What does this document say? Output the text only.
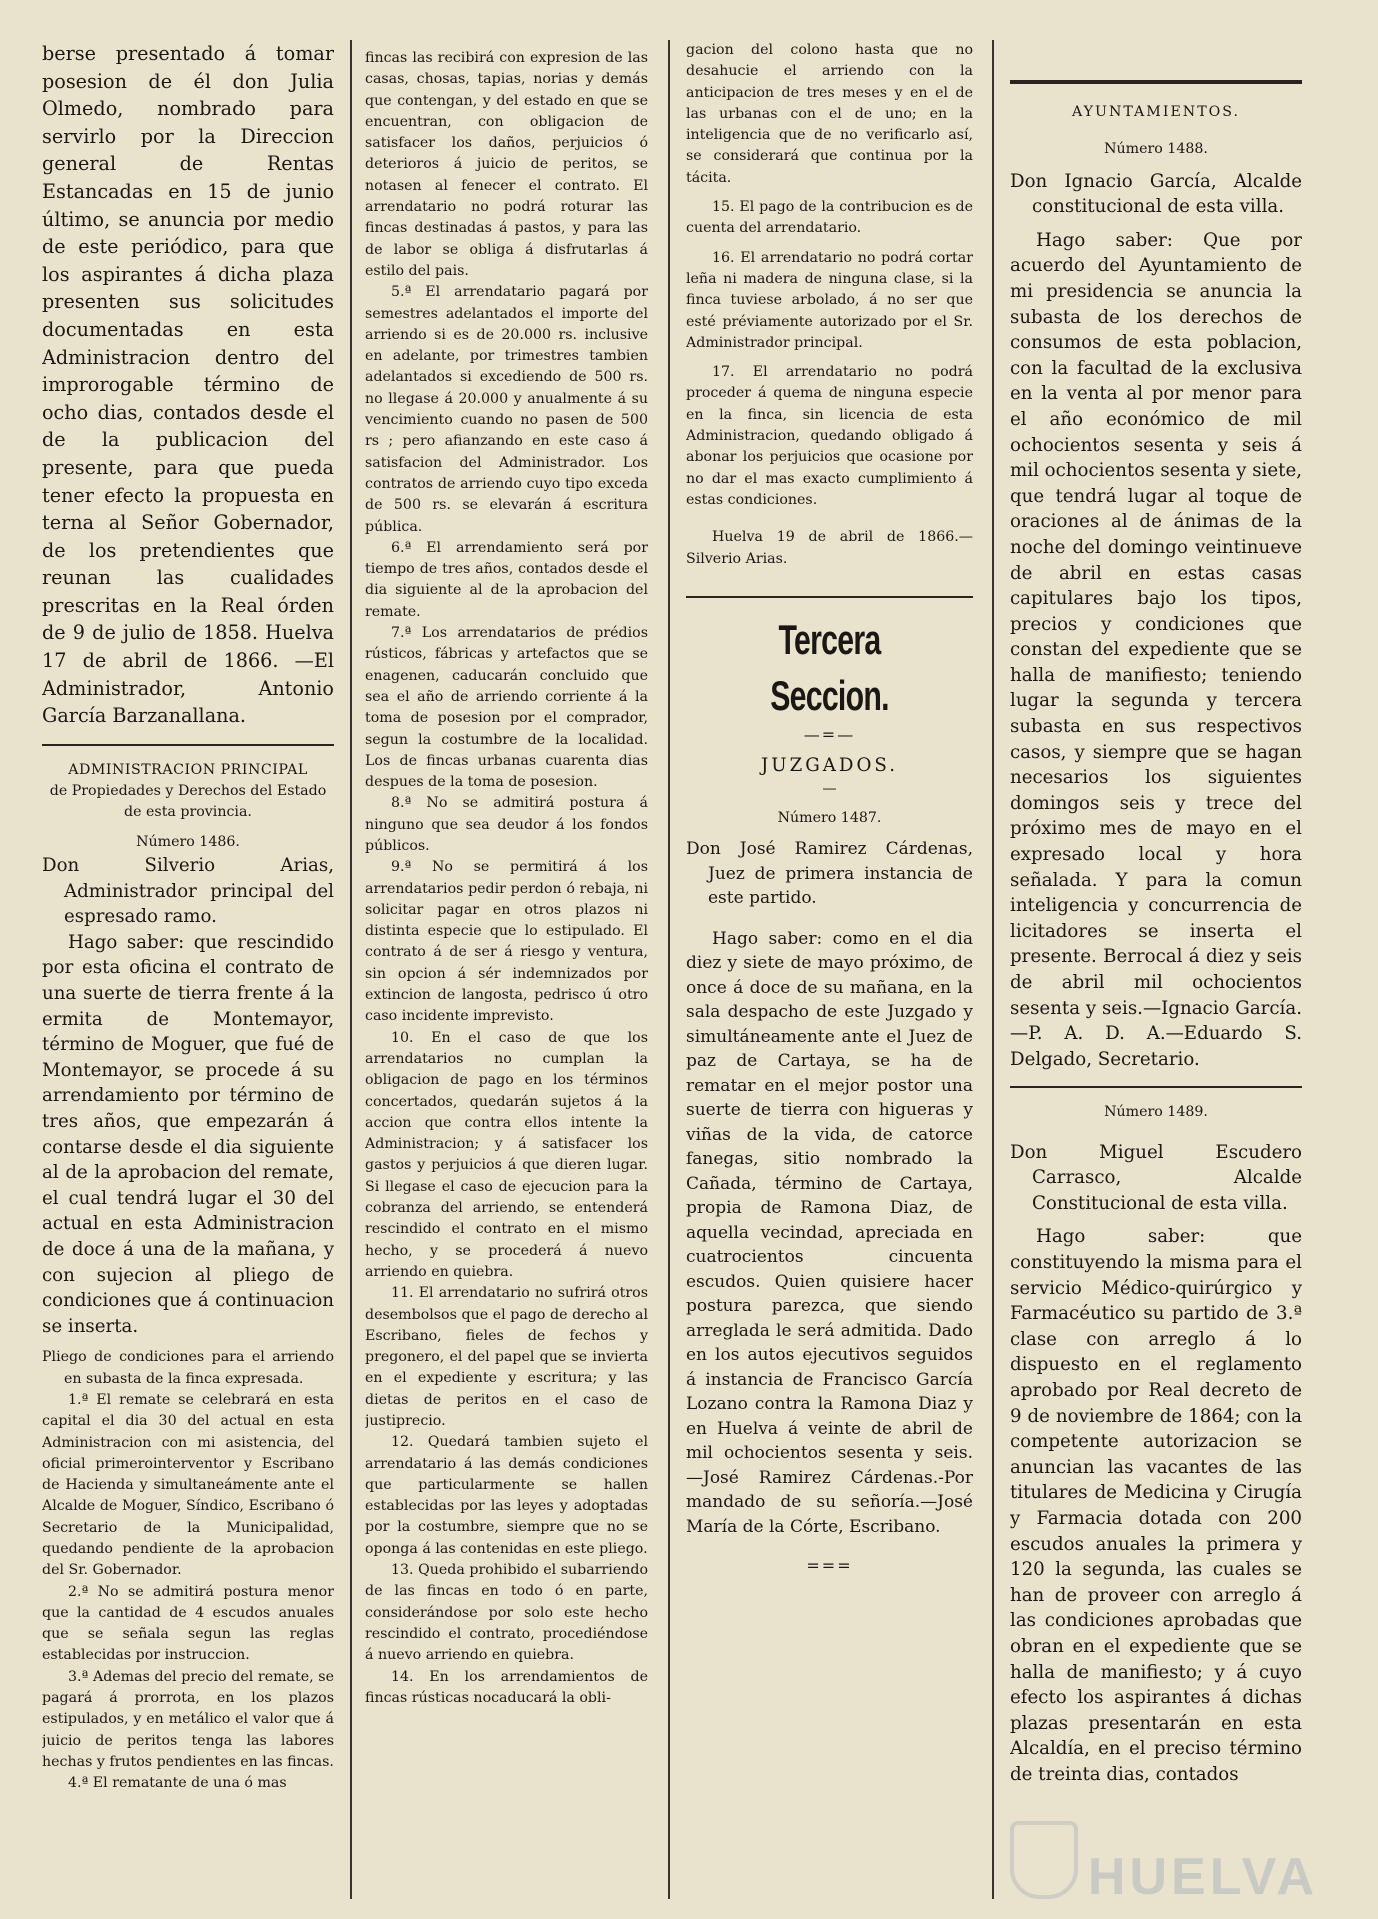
berse presentado á tomar posesion de él don Julia Olmedo, nombrado para servirlo por la Direccion general de Rentas Estancadas en 15 de junio último, se anuncia por medio de este periódico, para que los aspirantes á dicha plaza presenten sus solicitudes documentadas en esta Administracion dentro del improrogable término de ocho dias, contados desde el de la publicacion del presente, para que pueda tener efecto la propuesta en terna al Señor Gobernador, de los pretendientes que reunan las cualidades prescritas en la Real órden de 9 de julio de 1858. Huelva 17 de abril de 1866. —El Administrador, Antonio García Barzanallana.

ADMINISTRACION PRINCIPAL

de Propiedades y Derechos del Estado de esta provincia.

Número 1486.

Don Silverio Arias, Administrador principal del espresado ramo.

Hago saber: que rescindido por esta oficina el contrato de una suerte de tierra frente á la ermita de Montemayor, término de Moguer, que fué de Montemayor, se procede á su arrendamiento por término de tres años, que empezarán á contarse desde el dia siguiente al de la aprobacion del remate, el cual tendrá lugar el 30 del actual en esta Administracion de doce á una de la mañana, y con sujecion al pliego de condiciones que á continuacion se inserta.

Pliego de condiciones para el arriendo en subasta de la finca expresada.

1.ª El remate se celebrará en esta capital el dia 30 del actual en esta Administracion con mi asistencia, del oficial primerointerventor y Escribano de Hacienda y simultaneámente ante el Alcalde de Moguer, Síndico, Escribano ó Secretario de la Municipalidad, quedando pendiente de la aprobacion del Sr. Gobernador.

2.ª No se admitirá postura menor que la cantidad de 4 escudos anuales que se señala segun las reglas establecidas por instruccion.

3.ª Ademas del precio del remate, se pagará á prorrota, en los plazos estipulados, y en metálico el valor que á juicio de peritos tenga las labores hechas y frutos pendientes en las fincas.

4.ª El rematante de una ó mas

fincas las recibirá con expresion de las casas, chosas, tapias, norias y demás que contengan, y del estado en que se encuentran, con obligacion de satisfacer los daños, perjuicios ó deterioros á juicio de peritos, se notasen al fenecer el contrato. El arrendatario no podrá roturar las fincas destinadas á pastos, y para las de labor se obliga á disfrutarlas á estilo del pais.

5.ª El arrendatario pagará por semestres adelantados el importe del arriendo si es de 20.000 rs. inclusive en adelante, por trimestres tambien adelantados si excediendo de 500 rs. no llegase á 20.000 y anualmente á su vencimiento cuando no pasen de 500 rs ; pero afianzando en este caso á satisfacion del Administrador. Los contratos de arriendo cuyo tipo exceda de 500 rs. se elevarán á escritura pública.

6.ª El arrendamiento será por tiempo de tres años, contados desde el dia siguiente al de la aprobacion del remate.

7.ª Los arrendatarios de prédios rústicos, fábricas y artefactos que se enagenen, caducarán concluido que sea el año de arriendo corriente á la toma de posesion por el comprador, segun la costumbre de la localidad. Los de fincas urbanas cuarenta dias despues de la toma de posesion.

8.ª No se admitirá postura á ninguno que sea deudor á los fondos públicos.

9.ª No se permitirá á los arrendatarios pedir perdon ó rebaja, ni solicitar pagar en otros plazos ni distinta especie que lo estipulado. El contrato á de ser á riesgo y ventura, sin opcion á sér indemnizados por extincion de langosta, pedrisco ú otro caso incidente imprevisto.

10. En el caso de que los arrendatarios no cumplan la obligacion de pago en los términos concertados, quedarán sujetos á la accion que contra ellos intente la Administracion; y á satisfacer los gastos y perjuicios á que dieren lugar. Si llegase el caso de ejecucion para la cobranza del arriendo, se entenderá rescindido el contrato en el mismo hecho, y se procederá á nuevo arriendo en quiebra.

11. El arrendatario no sufrirá otros desembolsos que el pago de derecho al Escribano, fieles de fechos y pregonero, el del papel que se invierta en el expediente y escritura; y las dietas de peritos en el caso de justiprecio.

12. Quedará tambien sujeto el arrendatario á las demás condiciones que particularmente se hallen establecidas por las leyes y adoptadas por la costumbre, siempre que no se oponga á las contenidas en este pliego.

13. Queda prohibido el subarriendo de las fincas en todo ó en parte, considerándose por solo este hecho rescindido el contrato, procediéndose á nuevo arriendo en quiebra.

14. En los arrendamientos de fincas rústicas nocaducará la obli-

gacion del colono hasta que no desahucie el arriendo con la anticipacion de tres meses y en el de las urbanas con el de uno; en la inteligencia que de no verificarlo así, se considerará que continua por la tácita.

15. El pago de la contribucion es de cuenta del arrendatario.

16. El arrendatario no podrá cortar leña ni madera de ninguna clase, si la finca tuviese arbolado, á no ser que esté préviamente autorizado por el Sr. Administrador principal.

17. El arrendatario no podrá proceder á quema de ninguna especie en la finca, sin licencia de esta Administracion, quedando obligado á abonar los perjuicios que ocasione por no dar el mas exacto cumplimiento á estas condiciones.

Huelva 19 de abril de 1866.— Silverio Arias.

Tercera Seccion.

—=—

JUZGADOS.

—

Número 1487.

Don José Ramirez Cárdenas, Juez de primera instancia de este partido.

Hago saber: como en el dia diez y siete de mayo próximo, de once á doce de su mañana, en la sala despacho de este Juzgado y simultáneamente ante el Juez de paz de Cartaya, se ha de rematar en el mejor postor una suerte de tierra con higueras y viñas de la vida, de catorce fanegas, sitio nombrado la Cañada, término de Cartaya, propia de Ramona Diaz, de aquella vecindad, apreciada en cuatrocientos cincuenta escudos. Quien quisiere hacer postura parezca, que siendo arreglada le será admitida. Dado en los autos ejecutivos seguidos á instancia de Francisco García Lozano contra la Ramona Diaz y en Huelva á veinte de abril de mil ochocientos sesenta y seis. —José Ramirez Cárdenas.-Por mandado de su señoría.—José María de la Córte, Escribano.

===

AYUNTAMIENTOS.

Número 1488.

Don Ignacio García, Alcalde constitucional de esta villa.

Hago saber: Que por acuerdo del Ayuntamiento de mi presidencia se anuncia la subasta de los derechos de consumos de esta poblacion, con la facultad de la exclusiva en la venta al por menor para el año económico de mil ochocientos sesenta y seis á mil ochocientos sesenta y siete, que tendrá lugar al toque de oraciones al de ánimas de la noche del domingo veintinueve de abril en estas casas capitulares bajo los tipos, precios y condiciones que constan del expediente que se halla de manifiesto; teniendo lugar la segunda y tercera subasta en sus respectivos casos, y siempre que se hagan necesarios los siguientes domingos seis y trece del próximo mes de mayo en el expresado local y hora señalada. Y para la comun inteligencia y concurrencia de licitadores se inserta el presente. Berrocal á diez y seis de abril mil ochocientos sesenta y seis.—Ignacio García.—P. A. D. A.—Eduardo S. Delgado, Secretario.

Número 1489.

Don Miguel Escudero Carrasco, Alcalde Constitucional de esta villa.

Hago saber: que constituyendo la misma para el servicio Médico-quirúrgico y Farmacéutico su partido de 3.ª clase con arreglo á lo dispuesto en el reglamento aprobado por Real decreto de 9 de noviembre de 1864; con la competente autorizacion se anuncian las vacantes de las titulares de Medicina y Cirugía y Farmacia dotada con 200 escudos anuales la primera y 120 la segunda, las cuales se han de proveer con arreglo á las condiciones aprobadas que obran en el expediente que se halla de manifiesto; y á cuyo efecto los aspirantes á dichas plazas presentarán en esta Alcaldía, en el preciso término de treinta dias, contados

HUELVA
